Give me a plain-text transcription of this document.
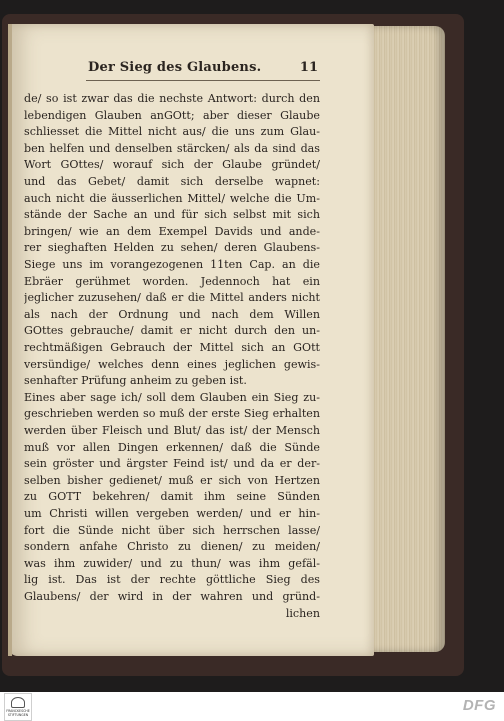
Der Sieg des Glaubens.	11
de/ so ist zwar das die nechste Antwort: durch den
lebendigen Glauben anGOtt; aber dieser Glaube
schliesset die Mittel nicht aus/ die uns zum Glau-
ben helfen und denselben stärcken/ als da sind das
Wort GOttes/ worauf sich der Glaube gründet/
und das Gebet/ damit sich derselbe wapnet:
auch nicht die äusserlichen Mittel/ welche die Um-
stände der Sache an und für sich selbst mit sich
bringen/ wie an dem Exempel Davids und ande-
rer sieghaften Helden zu sehen/ deren Glaubens-
Siege uns im vorangezogenen 11ten Cap. an die
Ebräer gerühmet worden. Jedennoch hat ein
jeglicher zuzusehen/ daß er die Mittel anders nicht
als nach der Ordnung und nach dem Willen
GOttes gebrauche/ damit er nicht durch den un-
rechtmäßigen Gebrauch der Mittel sich an GOtt
versündige/ welches denn eines jeglichen gewis-
senhafter Prüfung anheim zu geben ist.
Eines aber sage ich/ soll dem Glauben ein Sieg zu-
geschrieben werden so muß der erste Sieg erhalten
werden über Fleisch und Blut/ das ist/ der Mensch
muß vor allen Dingen erkennen/ daß die Sünde
sein gröster und ärgster Feind ist/ und da er der-
selben bisher gedienet/ muß er sich von Hertzen
zu GOTT bekehren/ damit ihm seine Sünden
um Christi willen vergeben werden/ und er hin-
fort die Sünde nicht über sich herrschen lasse/
sondern anfahe Christo zu dienen/ zu meiden/
was ihm zuwider/ und zu thun/ was ihm gefäl-
lig ist. Das ist der rechte göttliche Sieg des
Glaubens/ der wird in der wahren und gründ-
lichen
FRANCKESCHE
STIFTUNGEN
DFG
